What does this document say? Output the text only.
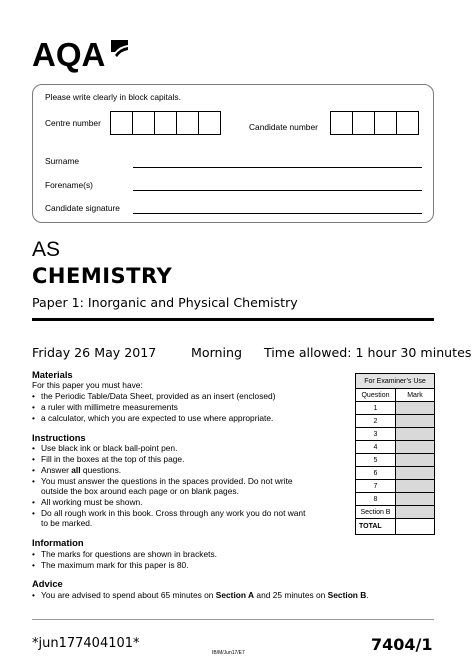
AQA
Please write clearly in block capitals.
Centre number	Candidate number
Surname
Forename(s)
Candidate signature
AS
CHEMISTRY
Paper 1: Inorganic and Physical Chemistry
Friday 26 May 2017	Morning Time allowed: 1 hour 30 minutes
Materials
For this paper you must have:
• the Periodic Table/Data Sheet, provided as an insert (enclosed)
• a ruler with millimetre measurements
• a calculator, which you are expected to use where appropriate.
Instructions
• Use black ink or black ball-point pen.
• Fill in the boxes at the top of this page.
• Answer all questions.
• You must answer the questions in the spaces provided. Do not write
outside the box around each page or on blank pages.
• All working must be shown.
• Do all rough work in this book. Cross through any work you do not want
to be marked.
Information
• The marks for questions are shown in brackets.
• The maximum mark for this paper is 80.
Advice
• You are advised to spend about 65 minutes on Section A and 25 minutes on Section B.
For Examiner’s Use	
Question	Mark
1	
2	
3	
4	
5	
6	
7	
8	
Section B	
TOTAL	
*jun177404101*
IB/M/Jun17/E7	7404/1
